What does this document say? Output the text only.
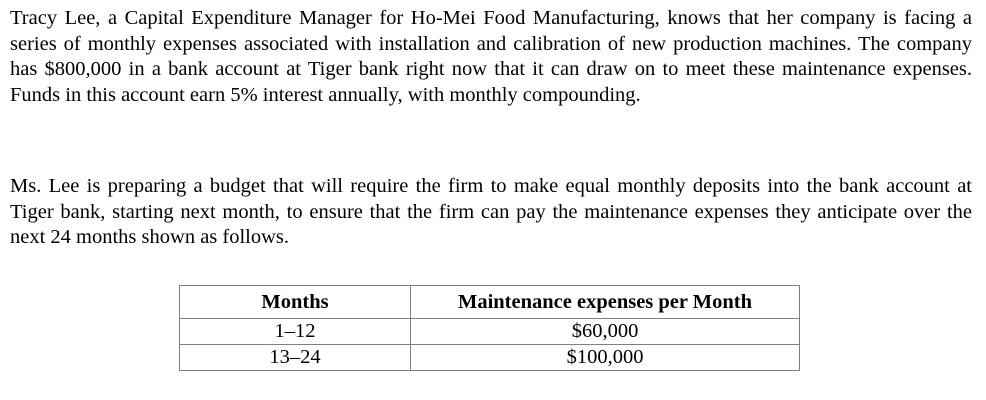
Tracy Lee, a Capital Expenditure Manager for Ho-Mei Food Manufacturing, knows that her company is facing a series of monthly expenses associated with installation and calibration of new production machines. The company has $800,000 in a bank account at Tiger bank right now that it can draw on to meet these maintenance expenses. Funds in this account earn 5% interest annually, with monthly compounding.

Ms. Lee is preparing a budget that will require the firm to make equal monthly deposits into the bank account at Tiger bank, starting next month, to ensure that the firm can pay the maintenance expenses they anticipate over the next 24 months shown as follows.

Months	Maintenance expenses per Month
1–12	$60,000
13–24	$100,000
